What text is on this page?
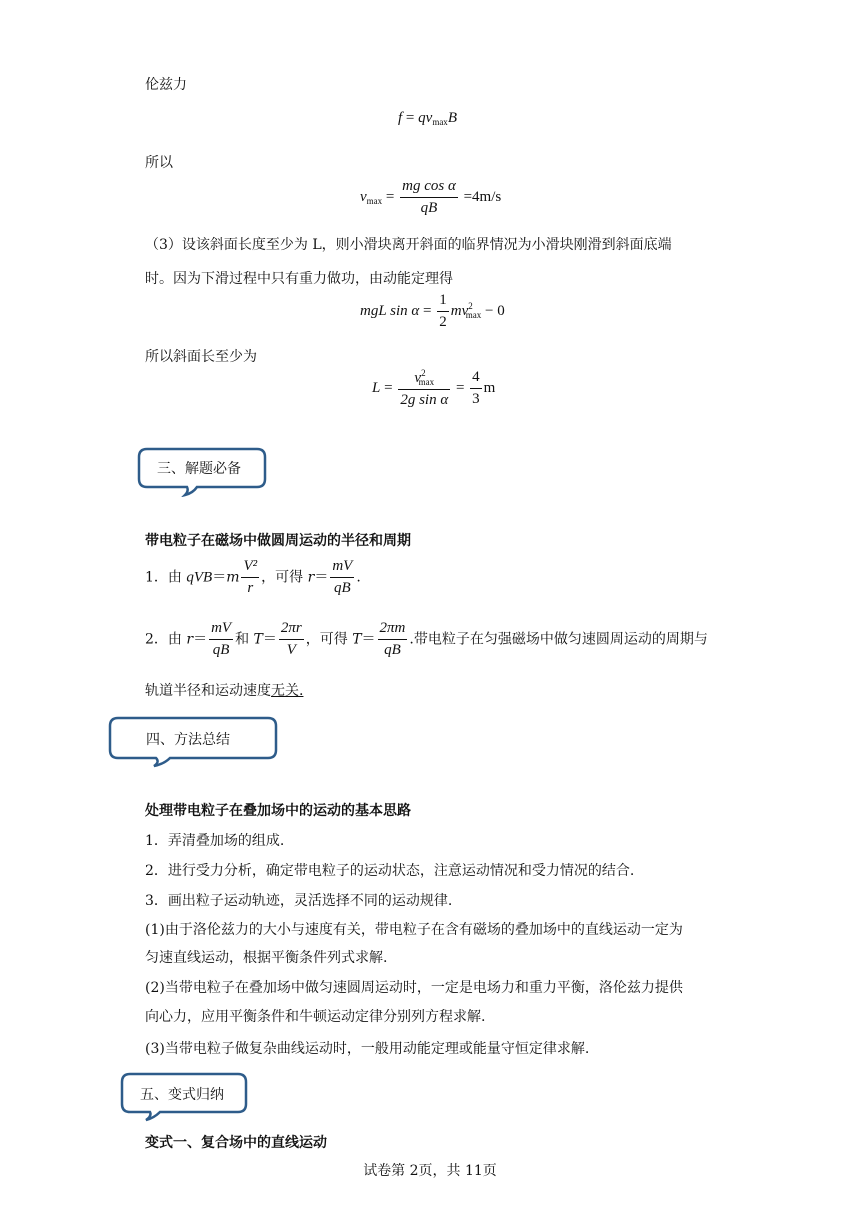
伦兹力
$f = qv_{max}B$
所以
$v_{max} = \frac{\text{mg cos α}}{qB} =4m/s$
（3）设该斜面长度至少为 L，则小滑块离开斜面的临界情况为小滑块刚滑到斜面底端
时。因为下滑过程中只有重力做功，由动能定理得
mgL $\sin \alpha = \frac{1}{2} mv^2_{max} - 0$
所以斜面长至少为
$L = \frac{v^2_{max}}{\text{2g sin α}} = \frac{4}{3}$ m
三、解题必备
带电粒子在磁场中做圆周运动的半径和周期
1．由 $qVB=m \frac{\text{V²}}{r}$ ，可得 $r= \frac{mV}{qB}$ .
2．由 $r= \frac{mV}{qB}$ 和 $T= \frac{2\pi r}{V}$ ，可得 $T= \frac{2\pi m}{qB}$ .带电粒子在匀强磁场中做匀速圆周运动的周期与
轨道半径和运动速度无关.
四、方法总结
处理带电粒子在叠加场中的运动的基本思路
1．弄清叠加场的组成.
2．进行受力分析，确定带电粒子的运动状态，注意运动情况和受力情况的结合.
3．画出粒子运动轨迹，灵活选择不同的运动规律.
(1)由于洛伦兹力的大小与速度有关，带电粒子在含有磁场的叠加场中的直线运动一定为
匀速直线运动，根据平衡条件列式求解.
(2)当带电粒子在叠加场中做匀速圆周运动时，一定是电场力和重力平衡，洛伦兹力提供
向心力，应用平衡条件和牛顿运动定律分别列方程求解.
(3)当带电粒子做复杂曲线运动时，一般用动能定理或能量守恒定律求解.
五、变式归纳
变式一、复合场中的直线运动
试卷第 2页，共 11页
